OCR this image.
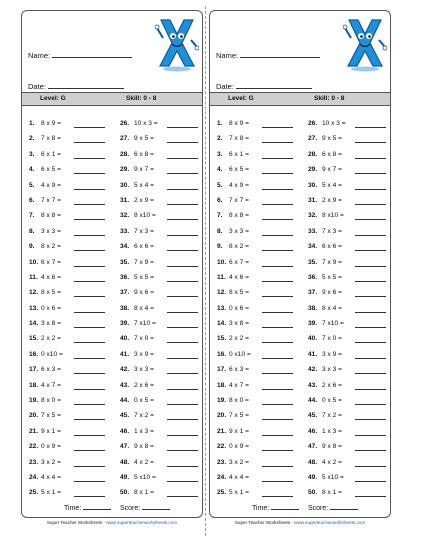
Name:
Date:
Level: G	Skill: 0 - 8
1. 8 x 9 =
2. 7 x 8 =
3. 6 x 1 =
4. 6 x 5 =
5. 4 x 9 =
6. 7 x 7 =
7. 8 x 8 =
8. 3 x 3 =
9. 8 x 2 =
10. 6 x 7 =
11. 4 x 6 =
12. 8 x 5 =
13. 0 x 6 =
14. 3 x 8 =
15. 2 x 2 =
16. 0 x10 =
17. 6 x 3 =
18. 4 x 7 =
19. 8 x 0 =
20. 7 x 5 =
21. 9 x 1 =
22. 0 x 9 =
23. 3 x 2 =
24. 4 x 4 =
25. 5 x 1 =
26. 10 x 3 =
27. 9 x 5 =
28. 6 x 8 =
29. 9 x 7 =
30. 5 x 4 =
31. 2 x 9 =
32. 8 x10 =
33. 7 x 3 =
34. 6 x 6 =
35. 7 x 9 =
36. 5 x 5 =
37. 9 x 6 =
38. 8 x 4 =
39. 7 x10 =
40. 7 x 0 =
41. 3 x 9 =
42. 3 x 3 =
43. 2 x 6 =
44. 0 x 5 =
45. 7 x 2 =
46. 1 x 3 =
47. 9 x 8 =
48. 4 x 2 =
49. 5 x10 =
50. 8 x 1 =
Time:	Score:
Name:
Date:
Level: G	Skill: 0 - 8
1. 8 x 9 =
2. 7 x 8 =
3. 6 x 1 =
4. 6 x 5 =
5. 4 x 9 =
6. 7 x 7 =
7. 8 x 8 =
8. 3 x 3 =
9. 8 x 2 =
10. 6 x 7 =
11. 4 x 6 =
12. 8 x 5 =
13. 0 x 6 =
14. 3 x 8 =
15. 2 x 2 =
16. 0 x10 =
17. 6 x 3 =
18. 4 x 7 =
19. 8 x 0 =
20. 7 x 5 =
21. 9 x 1 =
22. 0 x 9 =
23. 3 x 2 =
24. 4 x 4 =
25. 5 x 1 =
26. 10 x 3 =
27. 9 x 5 =
28. 6 x 8 =
29. 9 x 7 =
30. 5 x 4 =
31. 2 x 9 =
32. 8 x10 =
33. 7 x 3 =
34. 6 x 6 =
35. 7 x 9 =
36. 5 x 5 =
37. 9 x 6 =
38. 8 x 4 =
39. 7 x10 =
40. 7 x 0 =
41. 3 x 9 =
42. 3 x 3 =
43. 2 x 6 =
44. 0 x 5 =
45. 7 x 2 =
46. 1 x 3 =
47. 9 x 8 =
48. 4 x 2 =
49. 5 x10 =
50. 8 x 1 =
Time:	Score:
Super Teacher Worksheets - www.superteacherworksheets.com	Super Teacher Worksheets - www.superteacherworksheets.com
